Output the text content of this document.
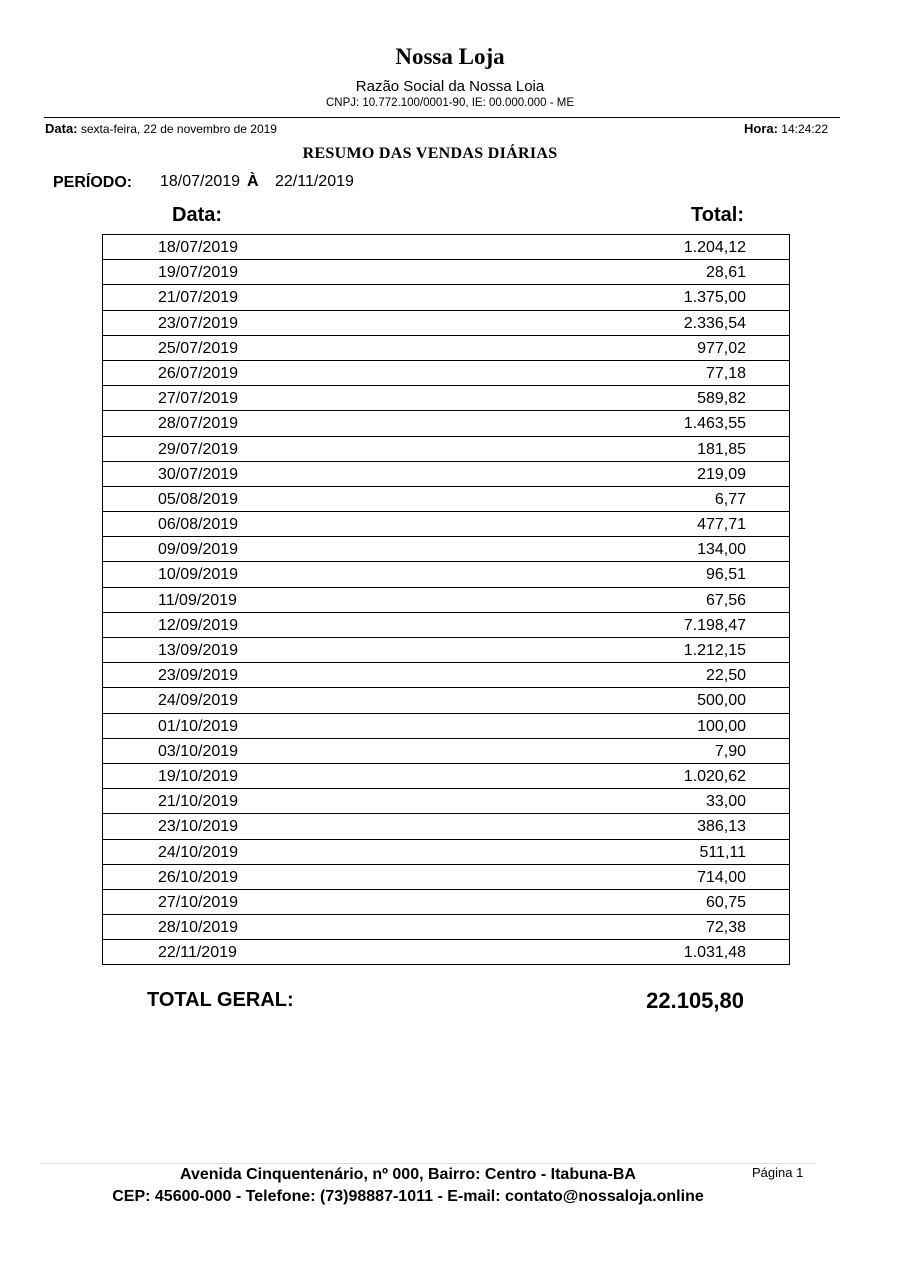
Nossa Loja
Razão Social da Nossa Loia
CNPJ: 10.772.100/0001-90, IE: 00.000.000 - ME
Data: sexta-feira, 22 de novembro de 2019	Hora: 14:24:22
RESUMO DAS VENDAS DIÁRIAS
PERÍODO: 18/07/2019 À 22/11/2019
Data:	Total:
18/07/2019	1.204,12
19/07/2019	28,61
21/07/2019	1.375,00
23/07/2019	2.336,54
25/07/2019	977,02
26/07/2019	77,18
27/07/2019	589,82
28/07/2019	1.463,55
29/07/2019	181,85
30/07/2019	219,09
05/08/2019	6,77
06/08/2019	477,71
09/09/2019	134,00
10/09/2019	96,51
11/09/2019	67,56
12/09/2019	7.198,47
13/09/2019	1.212,15
23/09/2019	22,50
24/09/2019	500,00
01/10/2019	100,00
03/10/2019	7,90
19/10/2019	1.020,62
21/10/2019	33,00
23/10/2019	386,13
24/10/2019	511,11
26/10/2019	714,00
27/10/2019	60,75
28/10/2019	72,38
22/11/2019	1.031,48
TOTAL GERAL:	22.105,80
Avenida Cinquentenário, nº 000, Bairro: Centro - Itabuna-BA
CEP: 45600-000 - Telefone: (73)98887-1011 - E-mail: contato@nossaloja.online
Página 1
